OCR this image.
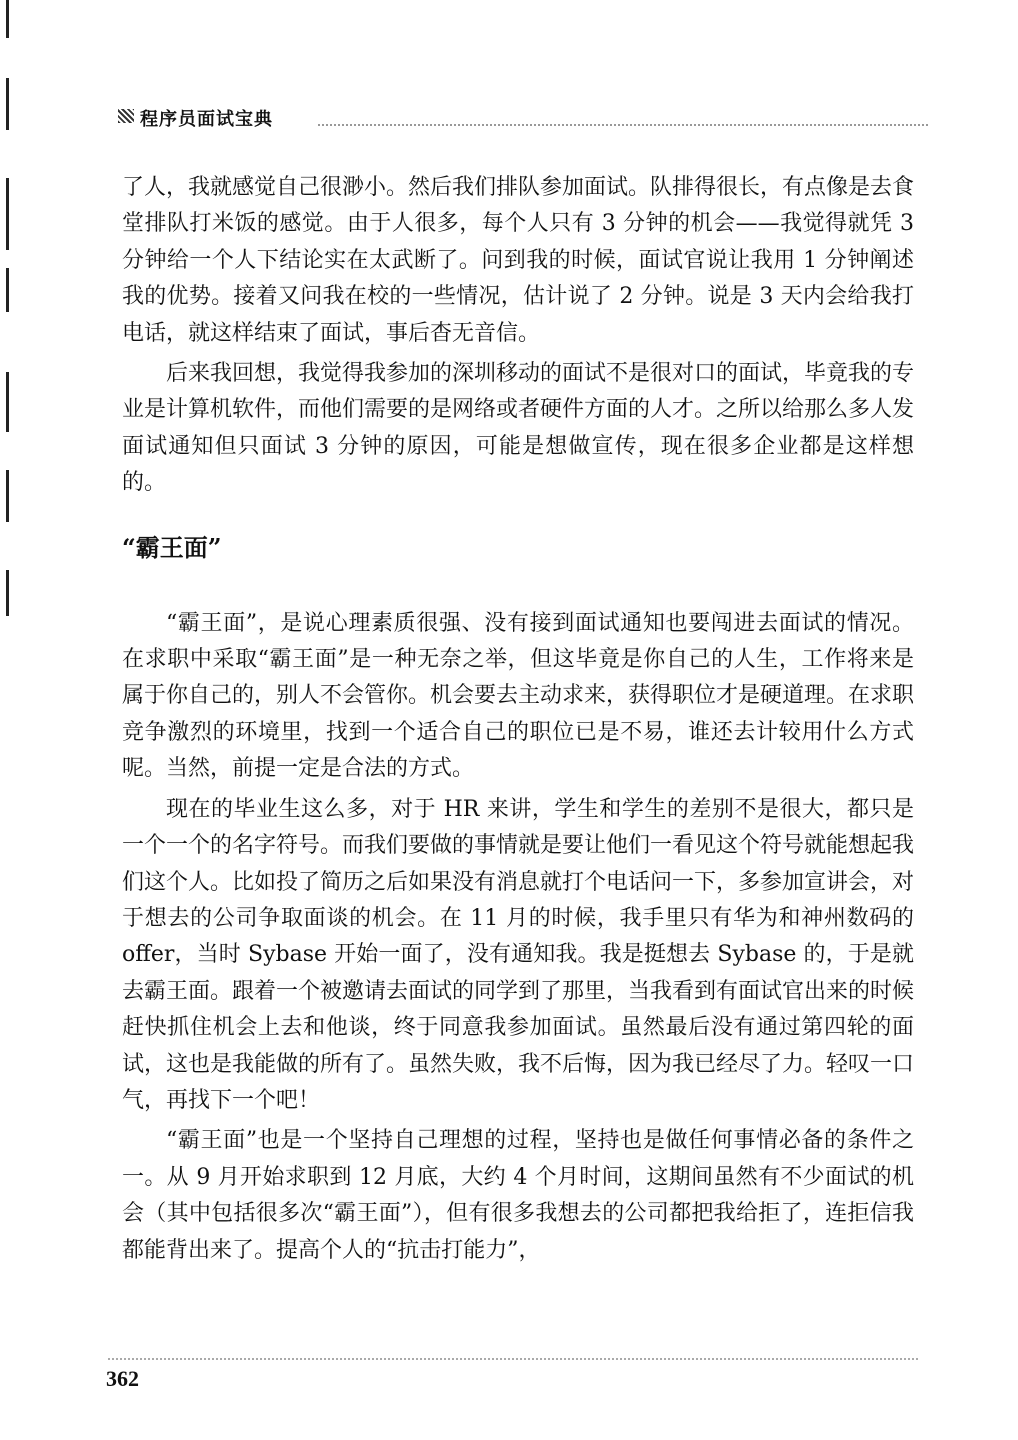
程序员面试宝典

了人，我就感觉自己很渺小。然后我们排队参加面试。队排得很长，有点像是去食堂排队打米饭的感觉。由于人很多，每个人只有 3 分钟的机会——我觉得就凭 3 分钟给一个人下结论实在太武断了。问到我的时候，面试官说让我用 1 分钟阐述我的优势。接着又问我在校的一些情况，估计说了 2 分钟。说是 3 天内会给我打电话，就这样结束了面试，事后杳无音信。

后来我回想，我觉得我参加的深圳移动的面试不是很对口的面试，毕竟我的专业是计算机软件，而他们需要的是网络或者硬件方面的人才。之所以给那么多人发面试通知但只面试 3 分钟的原因，可能是想做宣传，现在很多企业都是这样想的。

“霸王面”

“霸王面”，是说心理素质很强、没有接到面试通知也要闯进去面试的情况。在求职中采取“霸王面”是一种无奈之举，但这毕竟是你自己的人生，工作将来是属于你自己的，别人不会管你。机会要去主动求来，获得职位才是硬道理。在求职竞争激烈的环境里，找到一个适合自己的职位已是不易，谁还去计较用什么方式呢。当然，前提一定是合法的方式。

现在的毕业生这么多，对于 HR 来讲，学生和学生的差别不是很大，都只是一个一个的名字符号。而我们要做的事情就是要让他们一看见这个符号就能想起我们这个人。比如投了简历之后如果没有消息就打个电话问一下，多参加宣讲会，对于想去的公司争取面谈的机会。在 11 月的时候，我手里只有华为和神州数码的 offer，当时 Sybase 开始一面了，没有通知我。我是挺想去 Sybase 的，于是就去霸王面。跟着一个被邀请去面试的同学到了那里，当我看到有面试官出来的时候赶快抓住机会上去和他谈，终于同意我参加面试。虽然最后没有通过第四轮的面试，这也是我能做的所有了。虽然失败，我不后悔，因为我已经尽了力。轻叹一口气，再找下一个吧！

“霸王面”也是一个坚持自己理想的过程，坚持也是做任何事情必备的条件之一。从 9 月开始求职到 12 月底，大约 4 个月时间，这期间虽然有不少面试的机会（其中包括很多次“霸王面”），但有很多我想去的公司都把我给拒了，连拒信我都能背出来了。提高个人的“抗击打能力”，

362
